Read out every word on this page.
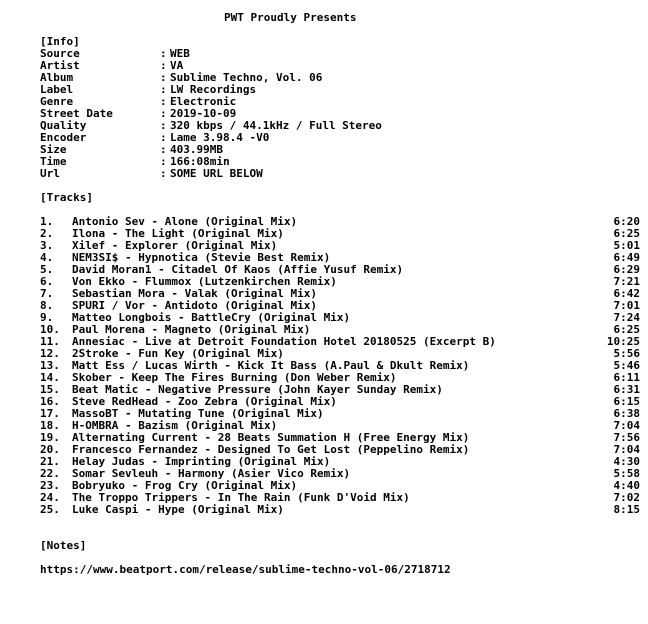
PWT Proudly Presents
[Info]
Source	: WEB
Artist	: VA
Album	: Sublime Techno, Vol. 06
Label	: LW Recordings
Genre	: Electronic
Street Date	: 2019-10-09
Quality	: 320 kbps / 44.1kHz / Full Stereo
Encoder	: Lame 3.98.4 -V0
Size	: 403.99MB
Time	: 166:08min
Url	: SOME URL BELOW
[Tracks]
1.	Antonio Sev - Alone (Original Mix)	6:20
2.	Ilona - The Light (Original Mix)	6:25
3.	Xilef - Explorer (Original Mix)	5:01
4.	NEM3SI$ - Hypnotica (Stevie Best Remix)	6:49
5.	David Moran1 - Citadel Of Kaos (Affie Yusuf Remix)	6:29
6.	Von Ekko - Flummox (Lutzenkirchen Remix)	7:21
7.	Sebastian Mora - Valak (Original Mix)	6:42
8.	SPURI / Vor - Antidoto (Original Mix)	7:01
9.	Matteo Longbois - BattleCry (Original Mix)	7:24
10.	Paul Morena - Magneto (Original Mix)	6:25
11.	Annesiac - Live at Detroit Foundation Hotel 20180525 (Excerpt B)	10:25
12.	2Stroke - Fun Key (Original Mix)	5:56
13.	Matt Ess / Lucas Wirth - Kick It Bass (A.Paul & Dkult Remix)	5:46
14.	Skober - Keep The Fires Burning (Don Weber Remix)	6:11
15.	Beat Matic - Negative Pressure (John Kayer Sunday Remix)	6:31
16.	Steve RedHead - Zoo Zebra (Original Mix)	6:15
17.	MassoBT - Mutating Tune (Original Mix)	6:38
18.	H-OMBRA - Bazism (Original Mix)	7:04
19.	Alternating Current - 28 Beats Summation H (Free Energy Mix)	7:56
20.	Francesco Fernandez - Designed To Get Lost (Peppelino Remix)	7:04
21.	Helay Judas - Imprinting (Original Mix)	4:30
22.	Somar Sevleuh - Harmony (Asier Vico Remix)	5:58
23.	Bobryuko - Frog Cry (Original Mix)	4:40
24.	The Troppo Trippers - In The Rain (Funk D'Void Mix)	7:02
25.	Luke Caspi - Hype (Original Mix)	8:15
[Notes]
https://www.beatport.com/release/sublime-techno-vol-06/2718712
